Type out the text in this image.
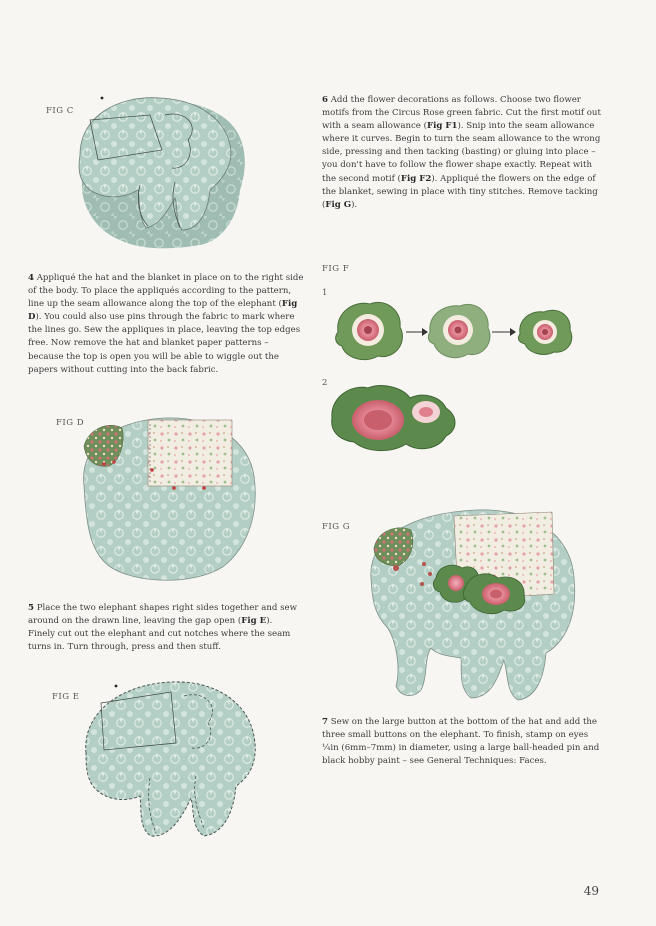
FIG C
FIG D
FIG E
FIG F
1
2
FIG G
4 Appliqué the hat and the blanket in place on to the right side of the body. To place the appliqués according to the pattern, line up the seam allowance along the top of the elephant (Fig D). You could also use pins through the fabric to mark where the lines go. Sew the appliques in place, leaving the top edges free. Now remove the hat and blanket paper patterns – because the top is open you will be able to wiggle out the papers without cutting into the back fabric.
5 Place the two elephant shapes right sides together and sew around on the drawn line, leaving the gap open (Fig E). Finely cut out the elephant and cut notches where the seam turns in. Turn through, press and then stuff.
6 Add the flower decorations as follows. Choose two flower motifs from the Circus Rose green fabric. Cut the first motif out with a seam allowance (Fig F1). Snip into the seam allowance where it curves. Begin to turn the seam allowance to the wrong side, pressing and then tacking (basting) or gluing into place – you don't have to follow the flower shape exactly. Repeat with the second motif (Fig F2). Appliqué the flowers on the edge of the blanket, sewing in place with tiny stitches. Remove tacking (Fig G).
7 Sew on the large button at the bottom of the hat and add the three small buttons on the elephant. To finish, stamp on eyes ¼in (6mm–7mm) in diameter, using a large ball-headed pin and black hobby paint – see General Techniques: Faces.
49
